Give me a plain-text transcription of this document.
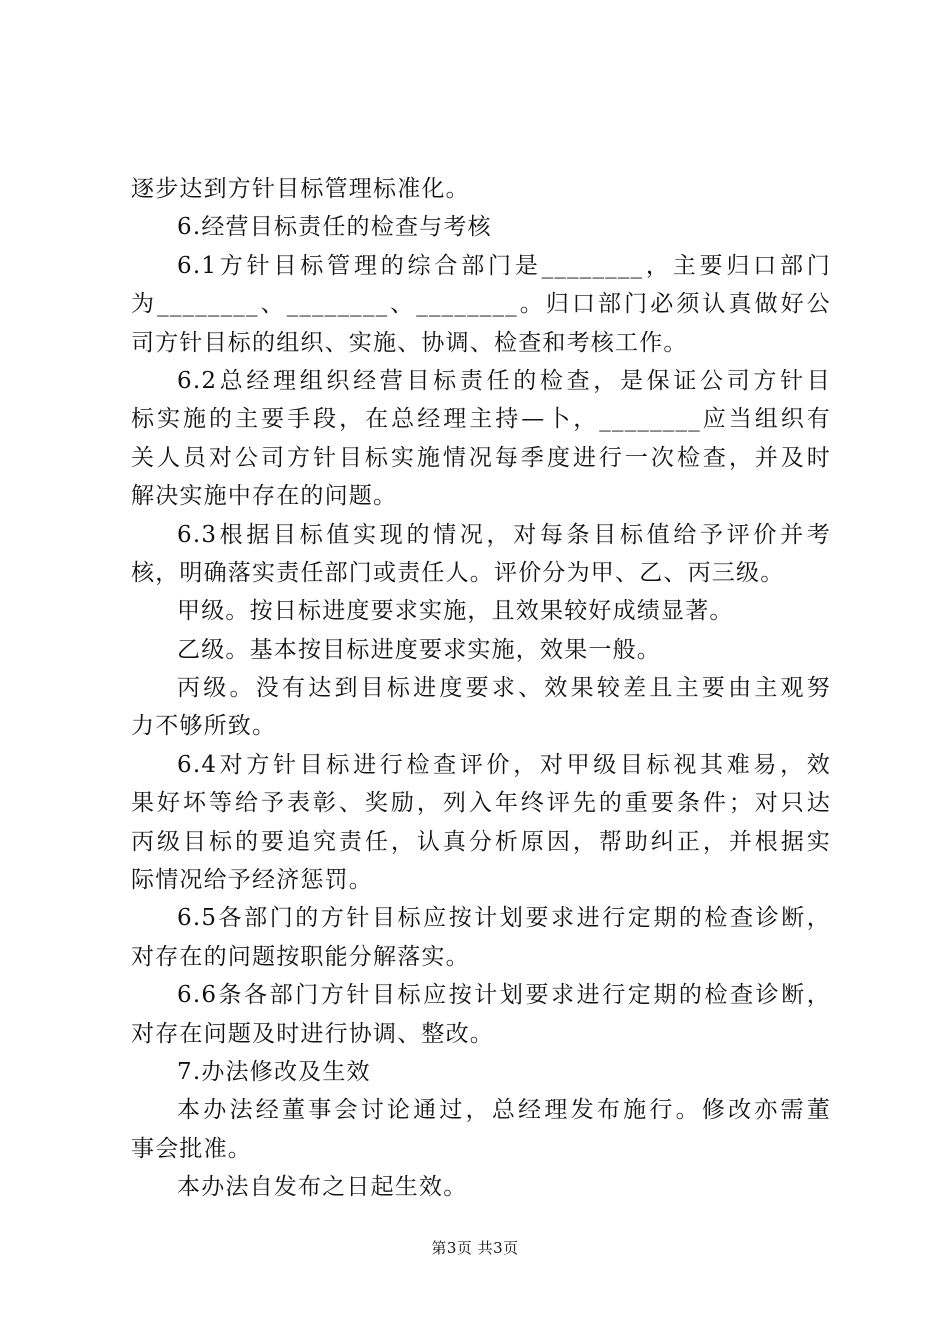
逐步达到方针目标管理标准化。
6.经营目标责任的检查与考核
6.1方针目标管理的综合部门是________，主要归口部门
为________、________、________。归口部门必须认真做好公
司方针目标的组织、实施、协调、检查和考核工作。
6.2总经理组织经营目标责任的检查，是保证公司方针目
标实施的主要手段，在总经理主持—卜，________应当组织有
关人员对公司方针目标实施情况每季度进行一次检查，并及时
解决实施中存在的问题。
6.3根据目标值实现的情况，对每条目标值给予评价并考
核，明确落实责任部门或责任人。评价分为甲、乙、丙三级。
甲级。按日标进度要求实施，且效果较好成绩显著。
乙级。基本按目标进度要求实施，效果一般。
丙级。没有达到目标进度要求、效果较差且主要由主观努
力不够所致。
6.4对方针目标进行检查评价，对甲级目标视其难易，效
果好坏等给予表彰、奖励，列入年终评先的重要条件；对只达
丙级目标的要追究责任，认真分析原因，帮助纠正，并根据实
际情况给予经济惩罚。
6.5各部门的方针目标应按计划要求进行定期的检查诊断，
对存在的问题按职能分解落实。
6.6条各部门方针目标应按计划要求进行定期的检查诊断，
对存在问题及时进行协调、整改。
7.办法修改及生效
本办法经董事会讨论通过，总经理发布施行。修改亦需董
事会批准。
本办法自发布之日起生效。
第3页 共3页
